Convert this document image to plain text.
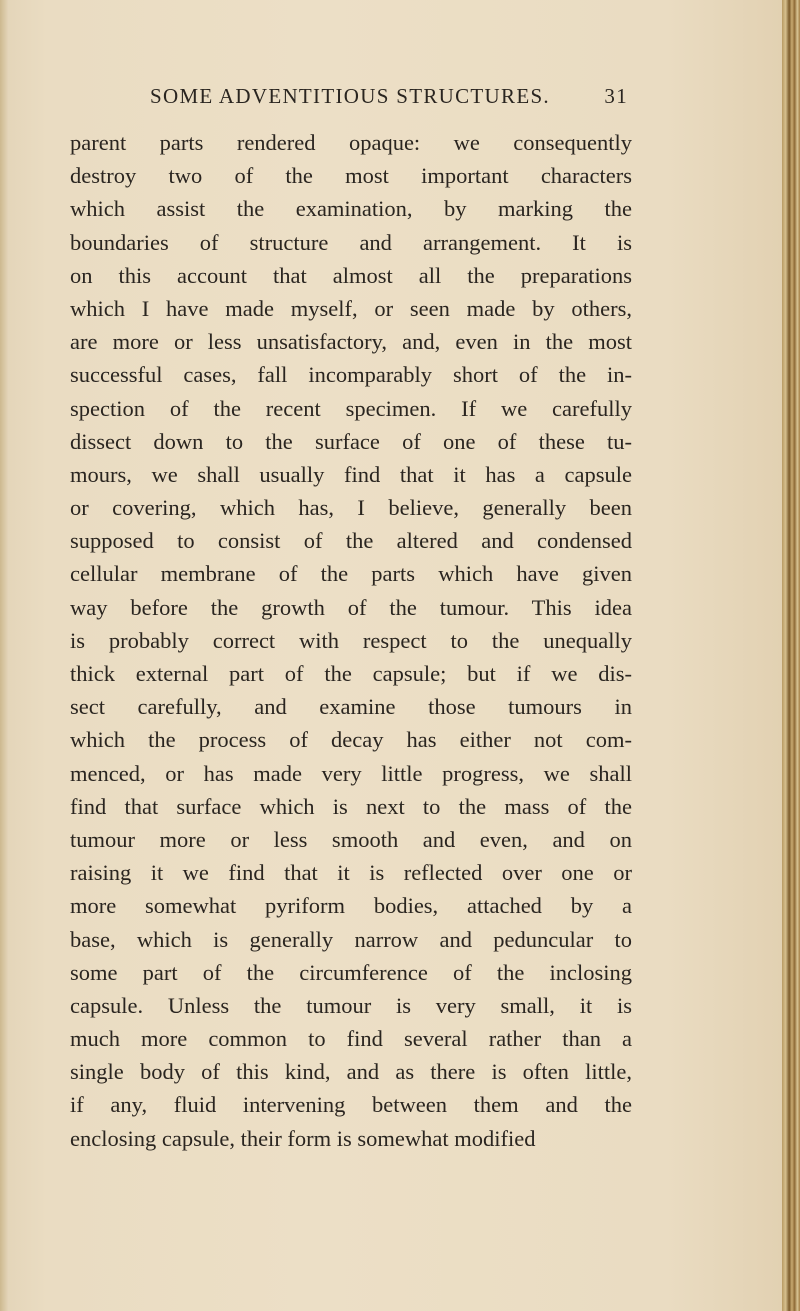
SOME ADVENTITIOUS STRUCTURES.	31
parent parts rendered opaque: we consequently
destroy two of the most important characters
which assist the examination, by marking the
boundaries of structure and arrangement. It is
on this account that almost all the preparations
which I have made myself, or seen made by others,
are more or less unsatisfactory, and, even in the most
successful cases, fall incomparably short of the in-
spection of the recent specimen. If we carefully
dissect down to the surface of one of these tu-
mours, we shall usually find that it has a capsule
or covering, which has, I believe, generally been
supposed to consist of the altered and condensed
cellular membrane of the parts which have given
way before the growth of the tumour. This idea
is probably correct with respect to the unequally
thick external part of the capsule; but if we dis-
sect carefully, and examine those tumours in
which the process of decay has either not com-
menced, or has made very little progress, we shall
find that surface which is next to the mass of the
tumour more or less smooth and even, and on
raising it we find that it is reflected over one or
more somewhat pyriform bodies, attached by a
base, which is generally narrow and peduncular to
some part of the circumference of the inclosing
capsule. Unless the tumour is very small, it is
much more common to find several rather than a
single body of this kind, and as there is often little,
if any, fluid intervening between them and the
enclosing capsule, their form is somewhat modified
